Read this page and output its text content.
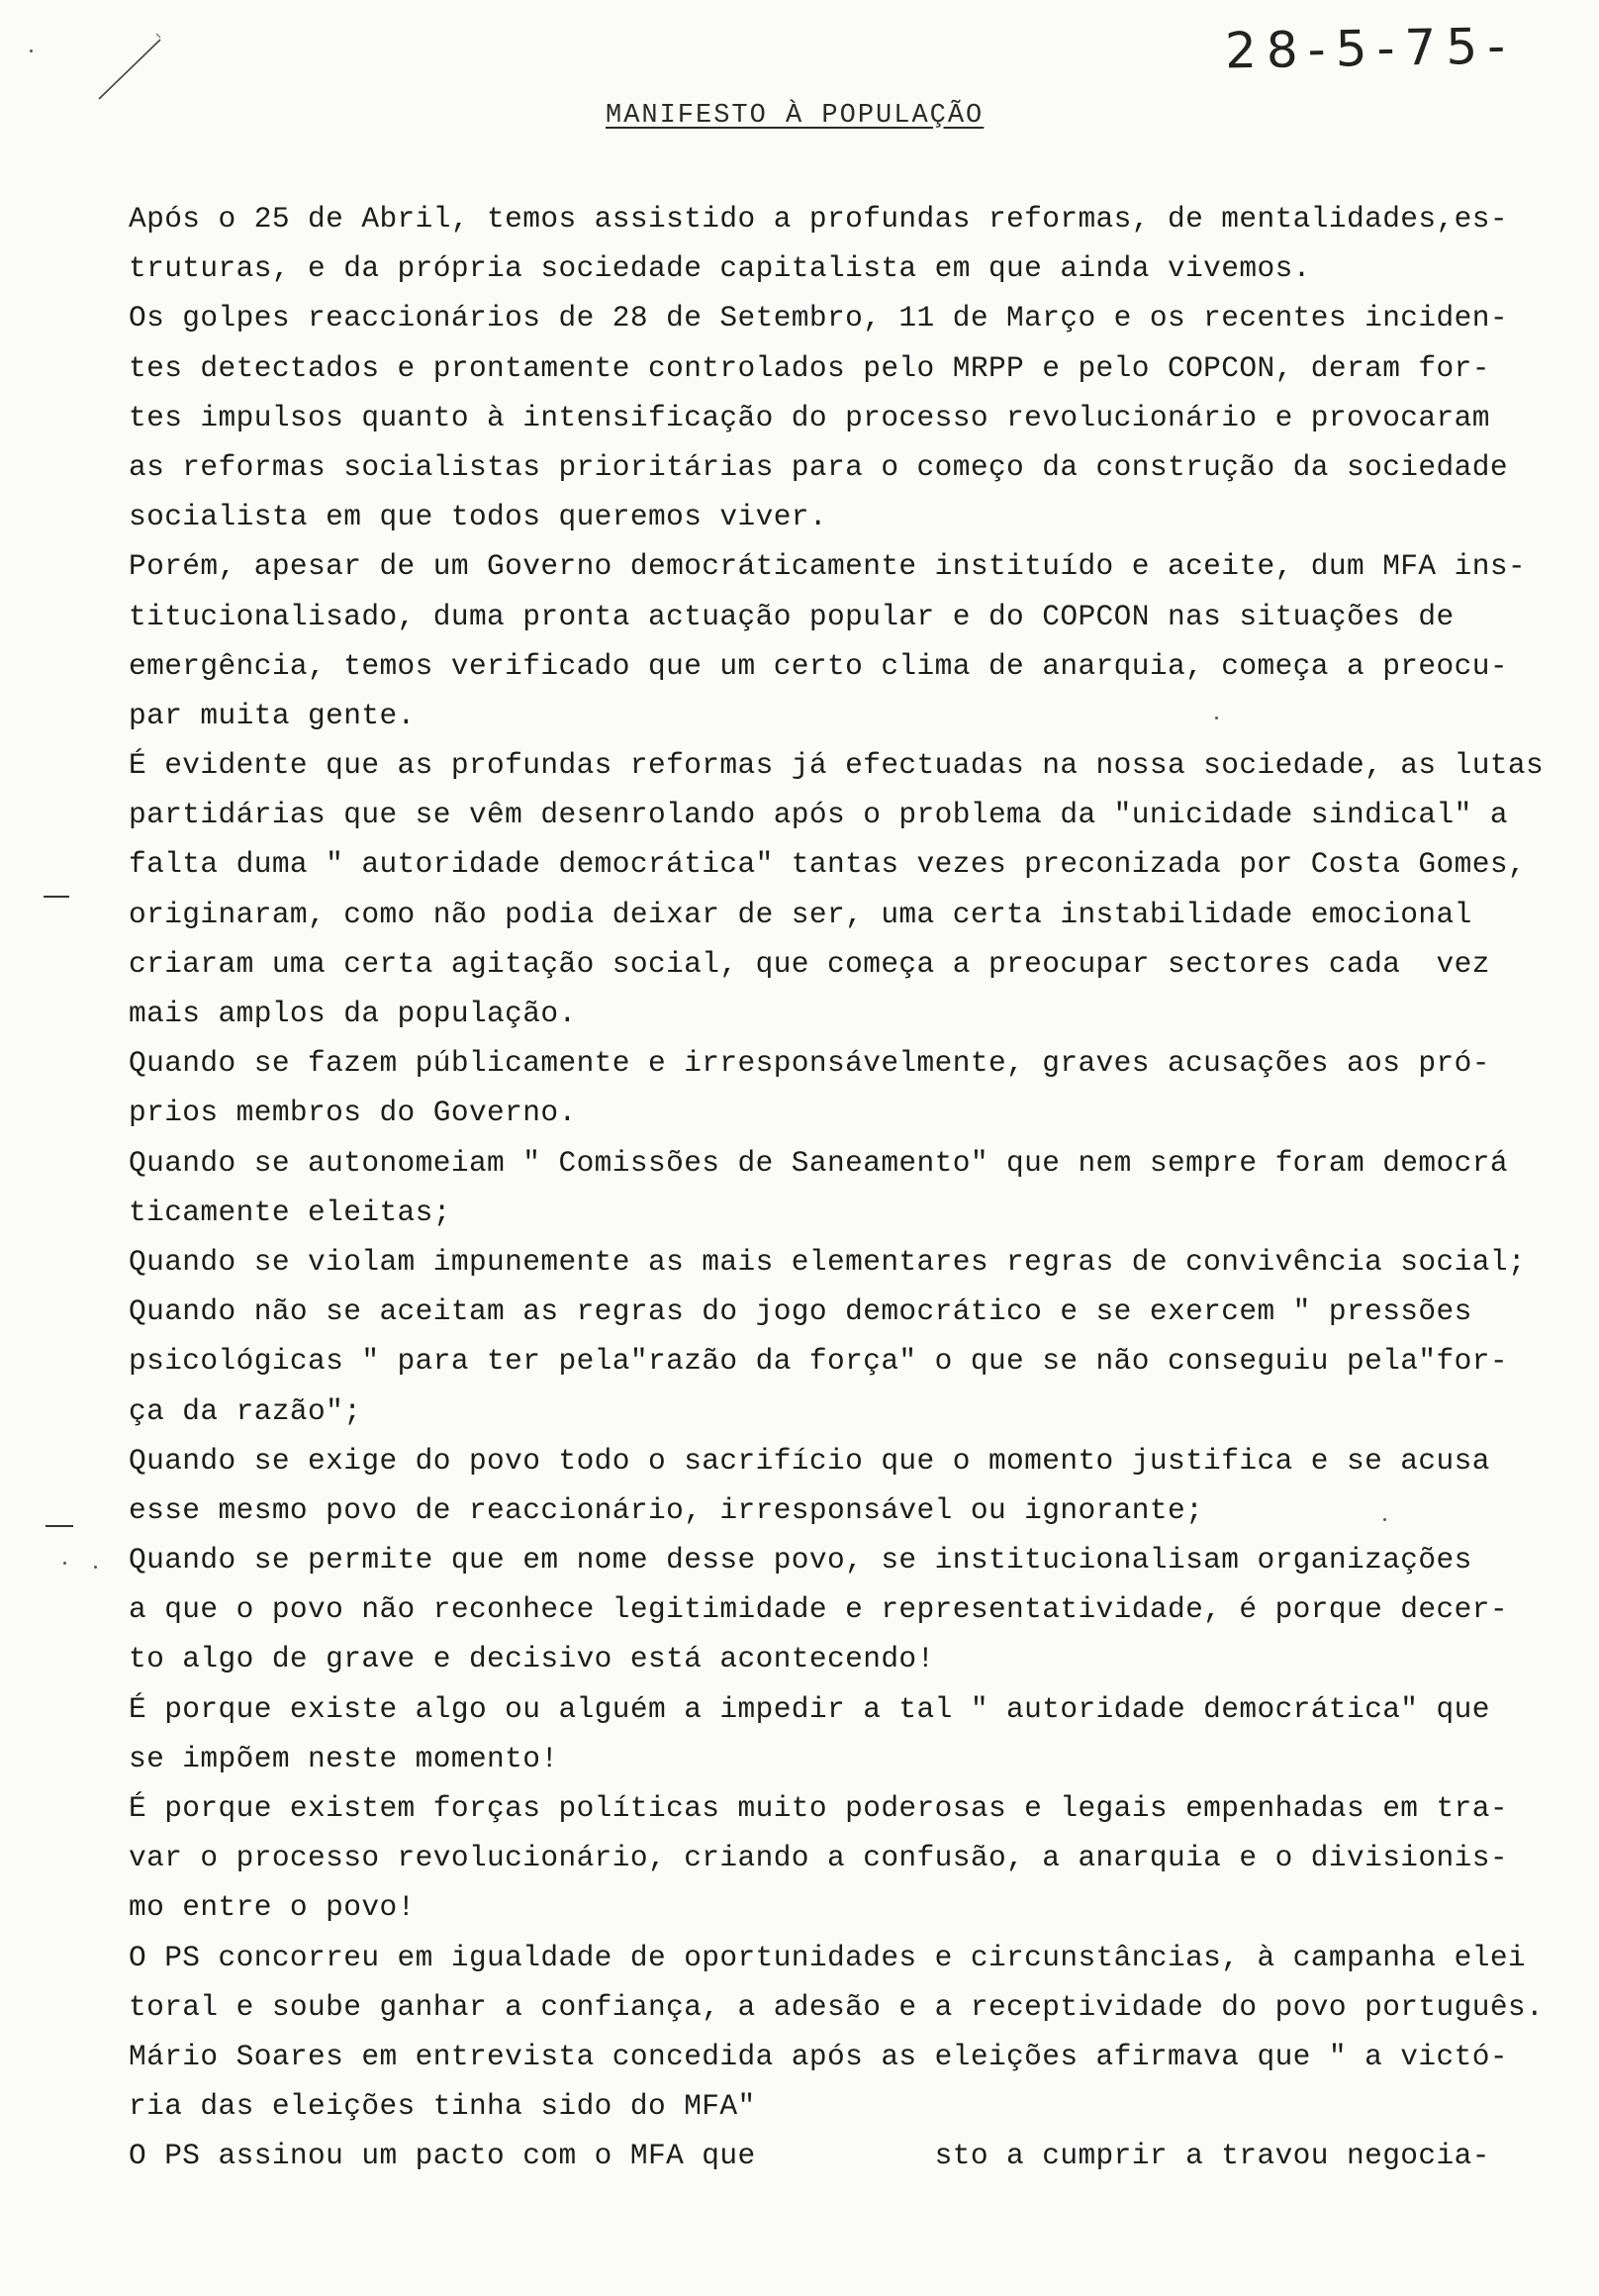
28-5-75-
MANIFESTO À POPULAÇÃO
Após o 25 de Abril, temos assistido a profundas reformas, de mentalidades,es-
truturas, e da própria sociedade capitalista em que ainda vivemos.
Os golpes reaccionários de 28 de Setembro, 11 de Março e os recentes inciden-
tes detectados e prontamente controlados pelo MRPP e pelo COPCON, deram for-
tes impulsos quanto à intensificação do processo revolucionário e provocaram
as reformas socialistas prioritárias para o começo da construção da sociedade
socialista em que todos queremos viver.
Porém, apesar de um Governo democráticamente instituído e aceite, dum MFA ins-
titucionalisado, duma pronta actuação popular e do COPCON nas situações de
emergência, temos verificado que um certo clima de anarquia, começa a preocu-
par muita gente.
É evidente que as profundas reformas já efectuadas na nossa sociedade, as lutas
partidárias que se vêm desenrolando após o problema da "unicidade sindical" a
falta duma " autoridade democrática" tantas vezes preconizada por Costa Gomes,
originaram, como não podia deixar de ser, uma certa instabilidade emocional
criaram uma certa agitação social, que começa a preocupar sectores cada  vez
mais amplos da população.
Quando se fazem públicamente e irresponsávelmente, graves acusações aos pró-
prios membros do Governo.
Quando se autonomeiam " Comissões de Saneamento" que nem sempre foram democrá
ticamente eleitas;
Quando se violam impunemente as mais elementares regras de convivência social;
Quando não se aceitam as regras do jogo democrático e se exercem " pressões
psicológicas " para ter pela"razão da força" o que se não conseguiu pela"for-
ça da razão";
Quando se exige do povo todo o sacrifício que o momento justifica e se acusa
esse mesmo povo de reaccionário, irresponsável ou ignorante;
Quando se permite que em nome desse povo, se institucionalisam organizações
a que o povo não reconhece legitimidade e representatividade, é porque decer-
to algo de grave e decisivo está acontecendo!
É porque existe algo ou alguém a impedir a tal " autoridade democrática" que
se impõem neste momento!
É porque existem forças políticas muito poderosas e legais empenhadas em tra-
var o processo revolucionário, criando a confusão, a anarquia e o divisionis-
mo entre o povo!
O PS concorreu em igualdade de oportunidades e circunstâncias, à campanha elei
toral e soube ganhar a confiança, a adesão e a receptividade do povo português.
Mário Soares em entrevista concedida após as eleições afirmava que " a victó-
ria das eleições tinha sido do MFA"
O PS assinou um pacto com o MFA que          sto a cumprir a travou negocia-
